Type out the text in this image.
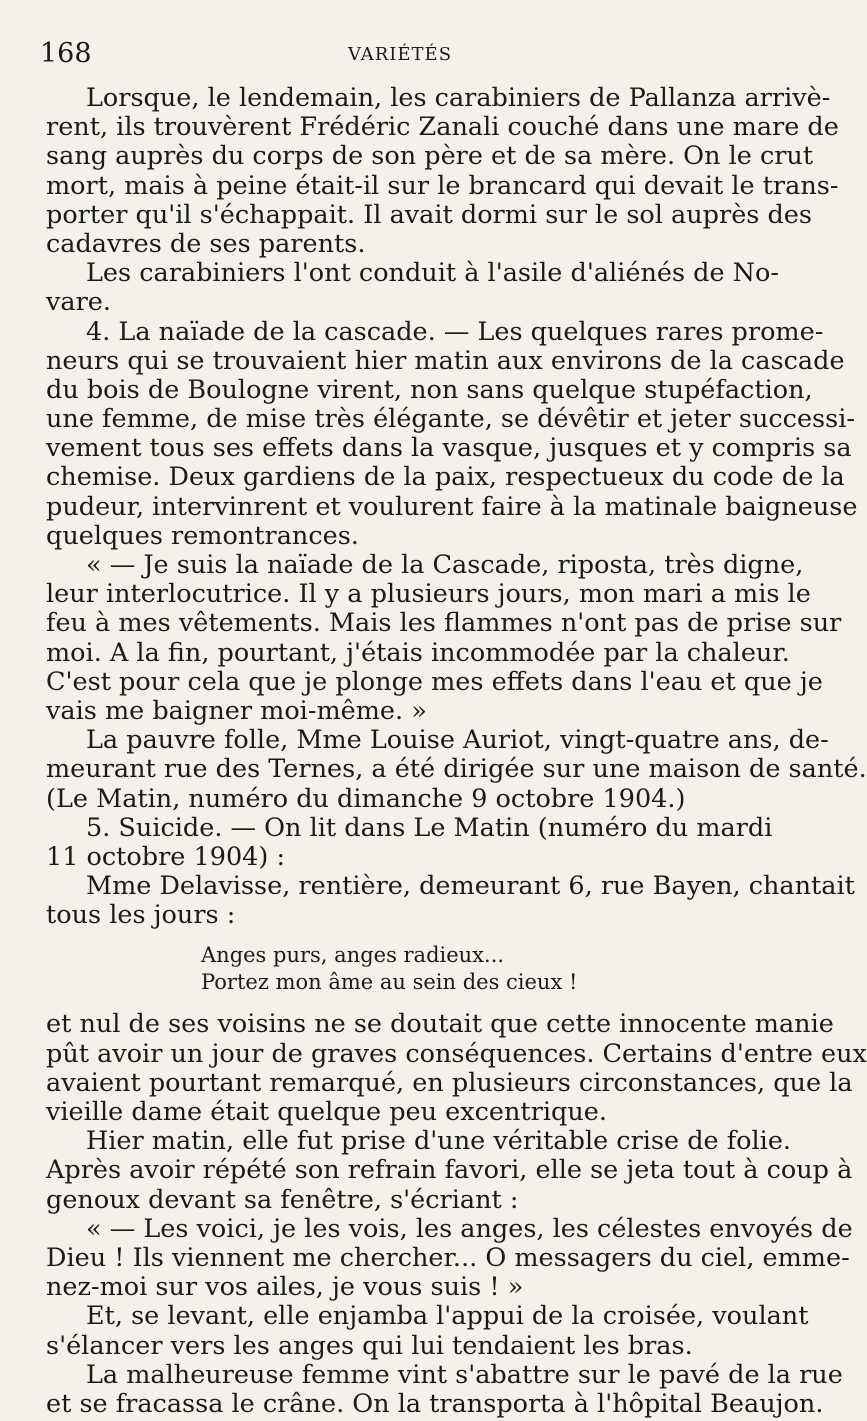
168	VARIÉTÉS
Lorsque, le lendemain, les carabiniers de Pallanza arrivè-
rent, ils trouvèrent Frédéric Zanali couché dans une mare de
sang auprès du corps de son père et de sa mère. On le crut
mort, mais à peine était-il sur le brancard qui devait le trans-
porter qu'il s'échappait. Il avait dormi sur le sol auprès des
cadavres de ses parents.
Les carabiniers l'ont conduit à l'asile d'aliénés de No-
vare.
4. La naïade de la cascade. — Les quelques rares prome-
neurs qui se trouvaient hier matin aux environs de la cascade
du bois de Boulogne virent, non sans quelque stupéfaction,
une femme, de mise très élégante, se dévêtir et jeter successi-
vement tous ses effets dans la vasque, jusques et y compris sa
chemise. Deux gardiens de la paix, respectueux du code de la
pudeur, intervinrent et voulurent faire à la matinale baigneuse
quelques remontrances.
« — Je suis la naïade de la Cascade, riposta, très digne,
leur interlocutrice. Il y a plusieurs jours, mon mari a mis le
feu à mes vêtements. Mais les flammes n'ont pas de prise sur
moi. A la fin, pourtant, j'étais incommodée par la chaleur.
C'est pour cela que je plonge mes effets dans l'eau et que je
vais me baigner moi-même. »
La pauvre folle, Mme Louise Auriot, vingt-quatre ans, de-
meurant rue des Ternes, a été dirigée sur une maison de santé.
(Le Matin, numéro du dimanche 9 octobre 1904.)
5. Suicide. — On lit dans Le Matin (numéro du mardi
11 octobre 1904) :
Mme Delavisse, rentière, demeurant 6, rue Bayen, chantait
tous les jours :
Anges purs, anges radieux...
Portez mon âme au sein des cieux !
et nul de ses voisins ne se doutait que cette innocente manie
pût avoir un jour de graves conséquences. Certains d'entre eux
avaient pourtant remarqué, en plusieurs circonstances, que la
vieille dame était quelque peu excentrique.
Hier matin, elle fut prise d'une véritable crise de folie.
Après avoir répété son refrain favori, elle se jeta tout à coup à
genoux devant sa fenêtre, s'écriant :
« — Les voici, je les vois, les anges, les célestes envoyés de
Dieu ! Ils viennent me chercher... O messagers du ciel, emme-
nez-moi sur vos ailes, je vous suis ! »
Et, se levant, elle enjamba l'appui de la croisée, voulant
s'élancer vers les anges qui lui tendaient les bras.
La malheureuse femme vint s'abattre sur le pavé de la rue
et se fracassa le crâne. On la transporta à l'hôpital Beaujon.
